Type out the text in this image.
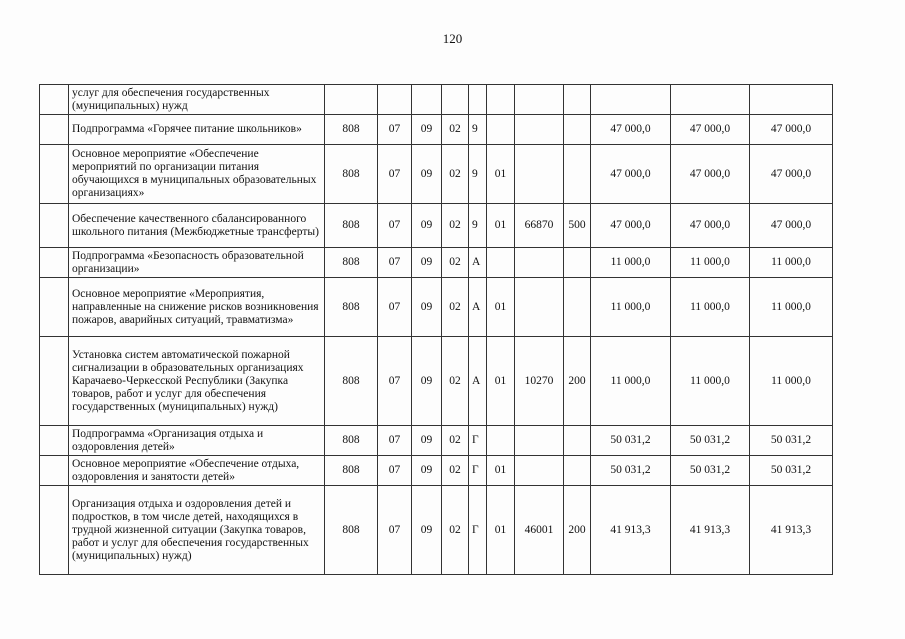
120
	услуг для обеспечения государственных (муниципальных) нужд											
	Подпрограмма «Горячее питание школьников»	808	07	09	02	9				47 000,0	47 000,0	47 000,0
	Основное мероприятие «Обеспечение мероприятий по организации питания обучающихся в муниципальных образовательных организациях»	808	07	09	02	9	01			47 000,0	47 000,0	47 000,0
	Обеспечение качественного сбалансированного школьного питания (Межбюджетные трансферты)	808	07	09	02	9	01	66870	500	47 000,0	47 000,0	47 000,0
	Подпрограмма «Безопасность образовательной организации»	808	07	09	02	А				11 000,0	11 000,0	11 000,0
	Основное мероприятие «Мероприятия, направленные на снижение рисков возникновения пожаров, аварийных ситуаций, травматизма»	808	07	09	02	А	01			11 000,0	11 000,0	11 000,0
	Установка систем автоматической пожарной сигнализации в образовательных организациях Карачаево-Черкесской Республики (Закупка товаров, работ и услуг для обеспечения государственных (муниципальных) нужд)	808	07	09	02	А	01	10270	200	11 000,0	11 000,0	11 000,0
	Подпрограмма «Организация отдыха и оздоровления детей»	808	07	09	02	Г				50 031,2	50 031,2	50 031,2
	Основное мероприятие «Обеспечение отдыха, оздоровления и занятости детей»	808	07	09	02	Г	01			50 031,2	50 031,2	50 031,2
	Организация отдыха и оздоровления детей и подростков, в том числе детей, находящихся в трудной жизненной ситуации (Закупка товаров, работ и услуг для обеспечения государственных (муниципальных) нужд)	808	07	09	02	Г	01	46001	200	41 913,3	41 913,3	41 913,3
